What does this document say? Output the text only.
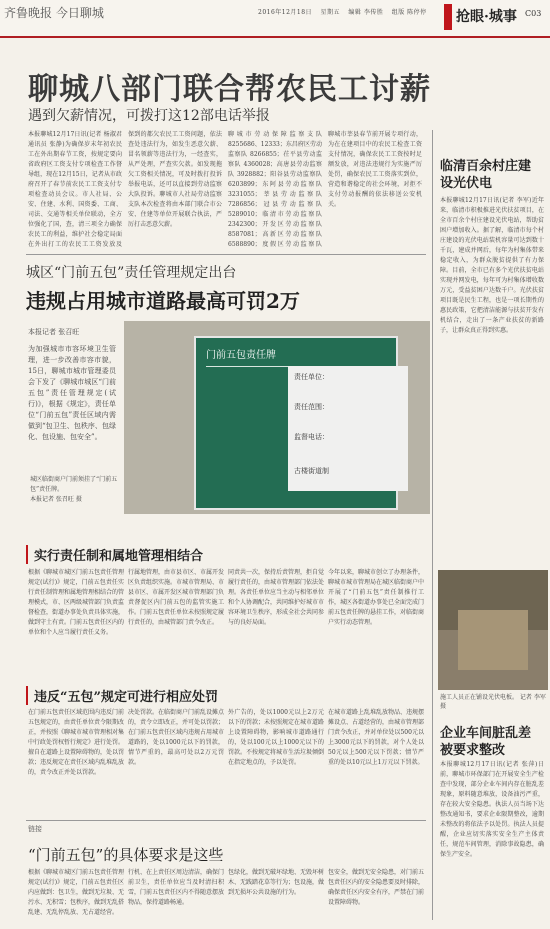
齐鲁晚报 今日聊城	2016年12月18日 星期五 编辑 李传胜 组版 陈停停	抢眼·城事 C03
聊城八部门联合帮农民工讨薪
遇到欠薪情况，可拨打这12部电话举报
本报聊城12月17日讯(记者 杨淑君 通讯员 张静)为确保岁末年初农民工在外出期春节工资，按规定要向省政府区工资支付专项检查工作督导组，现在12月15日，记者从市政府召开了春节前农民工工资支付专项检查动员会议。市人社局、公安、住建、水利、国资委、工商、司法、交通等相关单位联动，全方位强化了国，查，清三项全力确保农民工的利益，维护社会稳定局面在外出打工的农民工工资发放及
保到的都欠农民工工资问题，依法查处违法行为，如发生恶意欠薪、冒名领薪等违法行为，一经查实，从严处理，严查实欠款。如发现拖欠工资相关情况，可及时拨打投诉举报电话，还可以直接到劳动监察大队投诉。聊城市人社局劳动监察支队本次检查将由本部门联合市公安、住建等单位开展联合执法，严厉打击恶意欠薪。
聊城市劳动保障监察支队 8255686、12333；东昌府区劳动监察队 8266855；茌平县劳动监察队 4360028；高唐县劳动监察队 3928882；阳谷县劳动监察队 6203899；东阿县劳动监察队 3231055；莘县劳动监察队 7286856；冠县劳动监察队 5289010；临清市劳动监察队 2342300；开发区劳动监察队 8587081；高新区劳动监察队 6588890；度假区劳动监察队
聊城市莘县春节前开展专项行动，为在在建项目中的农民工检查工资支付情况，确保农民工工资按时足额发放，对违法违规行为实施严厉处罚，确保农民工工资落实到位，营造和谐稳定的社会环境，对拒不支付劳动报酬的依法移送公安机关。
临清百余村庄建设光伏电
本报聊城12月17日讯(记者 李军)近年来，临清市积极推进光伏扶贫项目，在全市百余个村庄建设光伏电站，帮助贫困户增加收入。据了解，临清市每个村庄建设的光伏电站装机容量可达到数十千瓦，建成并网后，每年为村集体带来稳定收入，为群众脱贫提供了有力保障。目前，全市已有多个光伏扶贫电站实现并网发电，每年可为村集体增收数万元，受益贫困户达数千户。光伏扶贫项目既是民生工程，也是一项长期性的惠民政策，它把清洁能源与扶贫开发有机结合，走出了一条产业扶贫的新路子，让群众真正得到实惠。
施工人员正在铺设光伏电板。 记者 李军 摄
企业车间脏乱差被要求整改
本报聊城12月17日讯(记者 张萍)日前，聊城市环保部门在开展安全生产检查中发现，部分企业车间内存在脏乱差现象，原料随意堆放，设备油污严重，存在较大安全隐患。执法人员当场下达整改通知书，要求企业限期整改，逾期未整改的将依法予以处罚。执法人员提醒，企业应切实落实安全生产主体责任，规范车间管理，消除事故隐患，确保生产安全。
城区“门前五包”责任管理规定出台
违规占用城市道路最高可罚2万
本报记者 张召旺
为加强城市市容环境卫生管理，进一步改善市容市貌，15日，聊城市城市管理委员会下发了《聊城市城区“门前五包”责任管理规定(试行)》，根据《规定》，责任单位“门前五包”责任区域内需做到“包卫生、包秩序、包绿化、包设施、包安全”。
门前五包责任牌
责任单位：
责任范围：
监督电话：
古楼街道制
城区临街商户门前须挂了“门前五包”责任牌。
本报记者 张召旺 摄
实行责任制和属地管理相结合
根据《聊城市城区门前五包责任管理规定(试行)》规定，门前五包责任实行责任制管理和属地管理相结合的管理模式，市、区两级城管部门负责监督检查，街道办事处负责具体实施，做到守土有责。门前五包责任区内的单位和个人应当履行责任义务。
行属地管理，由市县市区、市属开发区负责组织实施。市城市管理局、市县市区、市属开发区城市管理部门负责督促区内门前五包的监管实施工作。门前五包责任单位未按照规定履行责任的，由城管部门责令改正。
同责共一次，保持后责管理，拒自觉履行责任的，由城市管理部门依法处理。各责任单位应当主动与相邻单位和个人协调配合，共同维护好城市市容环境卫生秩序，形成全社会共同参与的良好局面。
今年以来，聊城市创立了办理条件，聊城市城市管理局在城区临街商户中开展了“门前五包”责任制推行工作，城区各街道办事处已全面完成门前五包责任牌的悬挂工作，对临街商户实行动态管理。
违反“五包”规定可进行相应处罚
在门前五包责任区域范围内违反门前五包规定的，由责任单位责令限期改正，并按照《聊城市城市管理相对集中行政处罚权暂行规定》进行处罚。擅自在道路上设置障碍物的，处以罚款；违反规定在责任区域内乱堆乱放的，责令改正并处以罚款。
决处罚款。在临街商户门前乱设摊点的，责令立即改正，并可处以罚款；在门前五包责任区域内违规占用城市道路的，处以1000元以下的罚款，情节严重的，最高可处以2万元罚款。
外广告的，处以1000元以上2万元以下的罚款；未按照规定在城市道路上设置障碍物，影响城市道路通行的，处以100元以上1000元以下的罚款。不按规定将城市生活垃圾倾倒在指定地点的，予以处罚。
在城市道路上乱堆乱放物品、违规摆摊设点、占道经营的，由城市管理部门责令改正，并对单位处以500元以上3000元以下的罚款，对个人处以50元以上500元以下罚款；情节严重的处以10元以上1万元以下罚款。
链接
“门前五包”的具体要求是这些
根据《聊城市城区门前五包责任管理规定(试行)》规定，门前五包责任区内应做到：包卫生，做到无垃圾、无污水、无积雪；包秩序，做到无乱搭乱建、无乱停乱放、无占道经营。
行机、在上责任区周边清洁，确保门前卫生，责任单位应当及时清扫积雪，门前五包责任区内不得随意摆放物品，保持道路畅通。
包绿化，做到无破坏绿地、无毁坏树木、无践踏花草等行为；包设施，做到无损坏公共设施的行为。
包安全，做到无安全隐患，对门前五包责任区内的安全隐患要及时排除，确保责任区内安全有序，严禁在门前设置障碍物。
